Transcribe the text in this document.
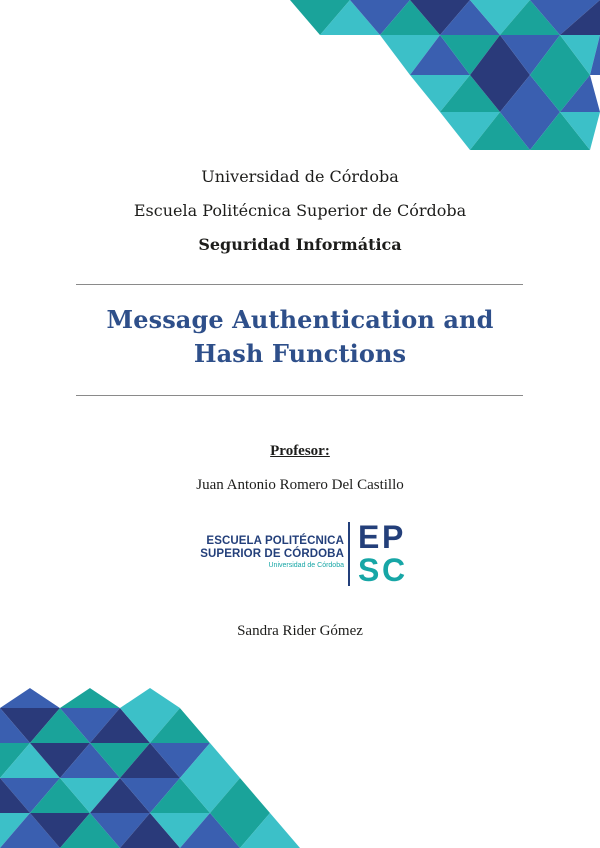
Universidad de Córdoba
Escuela Politécnica Superior de Córdoba
Seguridad Informática
Message Authentication and
Hash Functions
Profesor:
Juan Antonio Romero Del Castillo
ESCUELA POLITÉCNICA
SUPERIOR DE CÓRDOBA
Universidad de Córdoba
E P
S C
Sandra Rider Gómez
